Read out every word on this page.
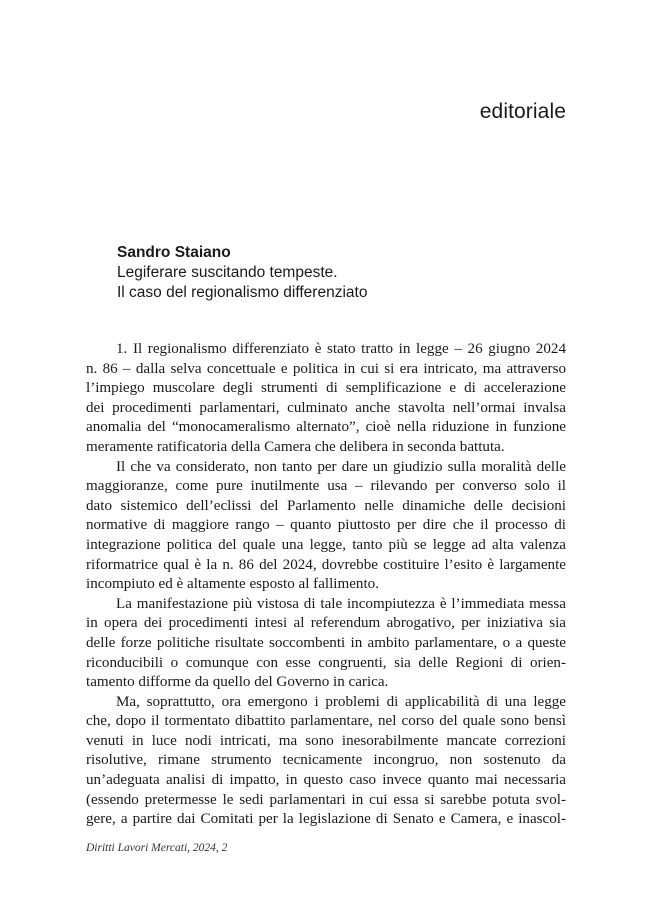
editoriale
Sandro Staiano
Legiferare suscitando tempeste.
Il caso del regionalismo differenziato
1. Il regionalismo differenziato è stato tratto in legge – 26 giugno 2024
n. 86 – dalla selva concettuale e politica in cui si era intricato, ma attraverso
l’impiego muscolare degli strumenti di semplificazione e di accelerazione
dei procedimenti parlamentari, culminato anche stavolta nell’ormai invalsa
anomalia del “monocameralismo alternato”, cioè nella riduzione in funzione
meramente ratificatoria della Camera che delibera in seconda battuta.
Il che va considerato, non tanto per dare un giudizio sulla moralità delle
maggioranze, come pure inutilmente usa – rilevando per converso solo il
dato sistemico dell’eclissi del Parlamento nelle dinamiche delle decisioni
normative di maggiore rango – quanto piuttosto per dire che il processo di
integrazione politica del quale una legge, tanto più se legge ad alta valenza
riformatrice qual è la n. 86 del 2024, dovrebbe costituire l’esito è largamente
incompiuto ed è altamente esposto al fallimento.
La manifestazione più vistosa di tale incompiutezza è l’immediata messa
in opera dei procedimenti intesi al referendum abrogativo, per iniziativa sia
delle forze politiche risultate soccombenti in ambito parlamentare, o a queste
riconducibili o comunque con esse congruenti, sia delle Regioni di orien-
tamento difforme da quello del Governo in carica.
Ma, soprattutto, ora emergono i problemi di applicabilità di una legge
che, dopo il tormentato dibattito parlamentare, nel corso del quale sono bensì
venuti in luce nodi intricati, ma sono inesorabilmente mancate correzioni
risolutive, rimane strumento tecnicamente incongruo, non sostenuto da
un’adeguata analisi di impatto, in questo caso invece quanto mai necessaria
(essendo pretermesse le sedi parlamentari in cui essa si sarebbe potuta svol-
gere, a partire dai Comitati per la legislazione di Senato e Camera, e inascol-
Diritti Lavori Mercati, 2024, 2
